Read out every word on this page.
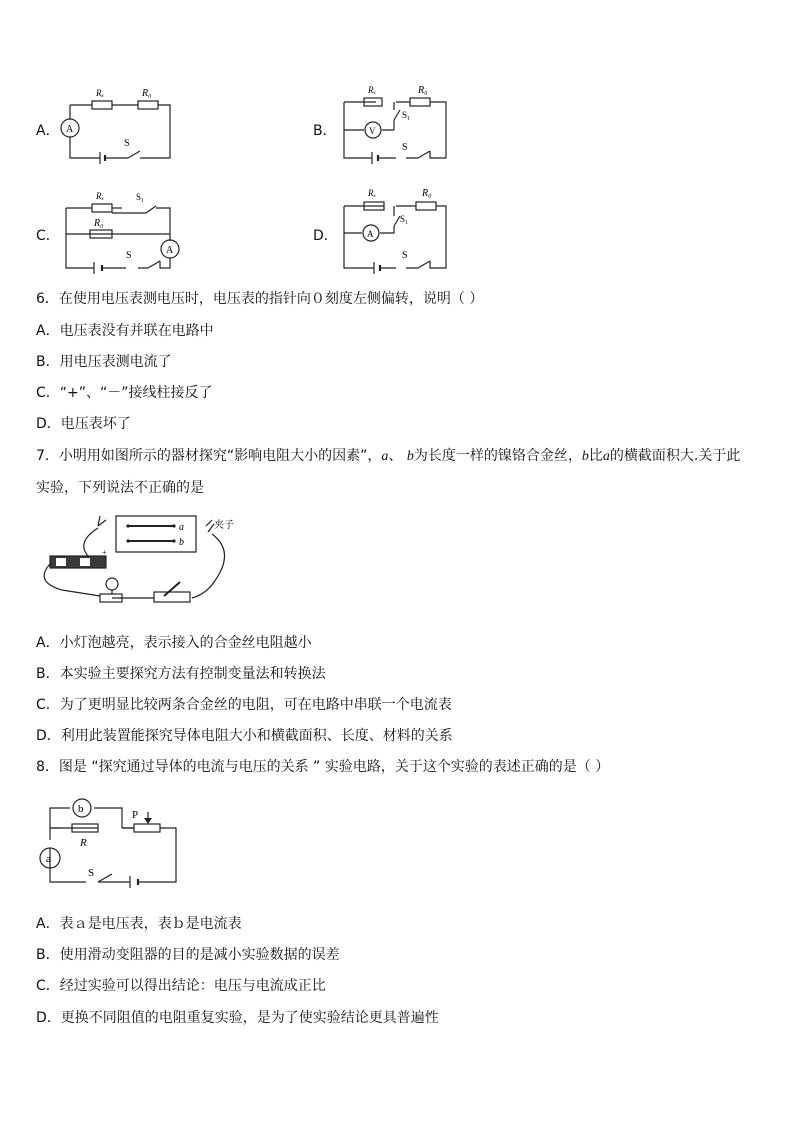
A．	B．
C．	D．
A
Rₓ	R₀
S
V
Rₓ	R₀
S₁
S
A
Rₓ
R₀
S₁
S
A
Rₓ	R₀
S₁
S
6．在使用电压表测电压时，电压表的指针向０刻度左侧偏转，说明（ ）
A．电压表没有并联在电路中
B．用电压表测电流了
C．“+”、“－”接线柱接反了
D．电压表坏了
7．小明用如图所示的器材探究“影响电阻大小的因素”，a、 b为长度一样的镍铬合金丝，b比a的横截面积大.关于此
实验，下列说法不正确的是
a
b
夹子
+
A．小灯泡越亮，表示接入的合金丝电阻越小
B．本实验主要探究方法有控制变量法和转换法
C．为了更明显比较两条合金丝的电阻，可在电路中串联一个电流表
D．利用此装置能探究导体电阻大小和横截面积、长度、材料的关系
8．图是 “探究通过导体的电流与电压的关系 ” 实验电路，关于这个实验的表述正确的是（ ）
b
a
R
P
S
A．表ａ是电压表，表ｂ是电流表
B．使用滑动变阻器的目的是减小实验数据的误差
C．经过实验可以得出结论：电压与电流成正比
D．更换不同阻值的电阻重复实验，是为了使实验结论更具普遍性
